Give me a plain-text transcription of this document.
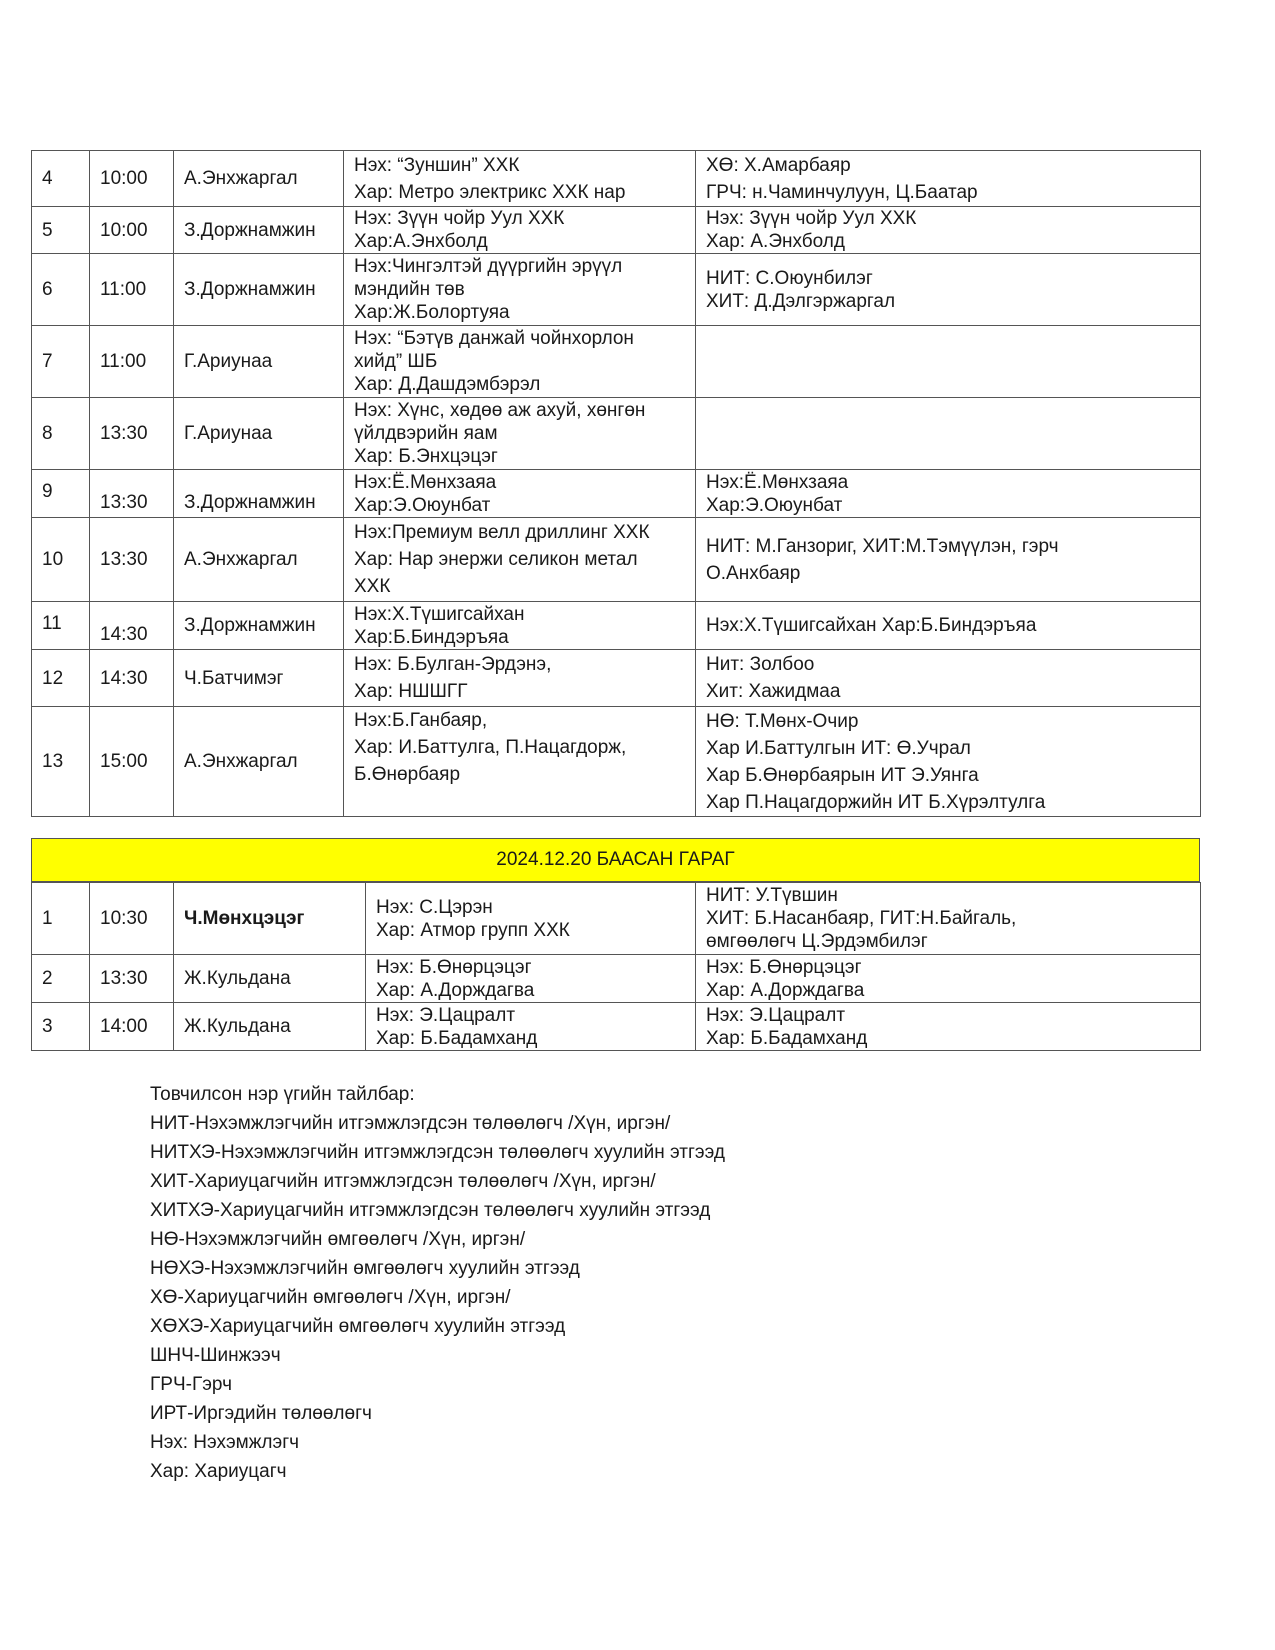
4	10:00	А.Энхжаргал	Нэх: “Зуншин” ХХК
Хар: Метро электрикс ХХК нар	ХӨ: Х.Амарбаяр
ГРЧ: н.Чаминчулуун, Ц.Баатар

5	10:00	З.Доржнамжин	Нэх: Зүүн чойр Уул ХХК
Хар:А.Энхболд	Нэх: Зүүн чойр Уул ХХК
Хар: А.Энхболд

6	11:00	З.Доржнамжин	Нэх:Чингэлтэй дүүргийн эрүүл
мэндийн төв
Хар:Ж.Болортуяа	НИТ: С.Оюунбилэг
ХИТ: Д.Дэлгэржаргал

7	11:00	Г.Ариунаа	Нэх: “Бэтүв данжай чойнхорлон
хийд” ШБ
Хар: Д.Дашдэмбэрэл	

8	13:30	Г.Ариунаа	Нэх: Хүнс, хөдөө аж ахуй, хөнгөн
үйлдвэрийн яам
Хар: Б.Энхцэцэг	

9	13:30	З.Доржнамжин	Нэх:Ё.Мөнхзаяа
Хар:Э.Оюунбат	Нэх:Ё.Мөнхзаяа
Хар:Э.Оюунбат

10	13:30	А.Энхжаргал	Нэх:Премиум велл дриллинг ХХК
Хар: Нар энержи селикон метал
ХХК	НИТ: М.Ганзориг, ХИТ:М.Тэмүүлэн, гэрч
О.Анхбаяр

11	14:30	З.Доржнамжин	Нэх:Х.Түшигсайхан
Хар:Б.Биндэръяа	Нэх:Х.Түшигсайхан Хар:Б.Биндэръяа

12	14:30	Ч.Батчимэг	Нэх: Б.Булган-Эрдэнэ,
Хар: НШШГГ	Нит: Золбоо
Хит: Хажидмаа

13	15:00	А.Энхжаргал	Нэх:Б.Ганбаяр,
Хар: И.Баттулга, П.Нацагдорж,
Б.Өнөрбаяр	НӨ: Т.Мөнх-Очир
Хар И.Баттулгын ИТ: Ө.Учрал
Хар Б.Өнөрбаярын ИТ Э.Уянга
Хар П.Нацагдоржийн ИТ Б.Хүрэлтулга
2024.12.20 БААСАН ГАРАГ
1	10:30	Ч.Мөнхцэцэг	Нэх: С.Цэрэн
Хар: Атмор групп ХХК	НИТ: У.Түвшин
ХИТ: Б.Насанбаяр, ГИТ:Н.Байгаль,
өмгөөлөгч Ц.Эрдэмбилэг

2	13:30	Ж.Кульдана	Нэх: Б.Өнөрцэцэг
Хар: А.Дорждагва	Нэх: Б.Өнөрцэцэг
Хар: А.Дорждагва

3	14:00	Ж.Кульдана	Нэх: Э.Цацралт
Хар: Б.Бадамханд	Нэх: Э.Цацралт
Хар: Б.Бадамханд
Товчилсон нэр үгийн тайлбар:
НИТ-Нэхэмжлэгчийн итгэмжлэгдсэн төлөөлөгч /Хүн, иргэн/
НИТХЭ-Нэхэмжлэгчийн итгэмжлэгдсэн төлөөлөгч хуулийн этгээд
ХИТ-Хариуцагчийн итгэмжлэгдсэн төлөөлөгч /Хүн, иргэн/
ХИТХЭ-Хариуцагчийн итгэмжлэгдсэн төлөөлөгч хуулийн этгээд
НӨ-Нэхэмжлэгчийн өмгөөлөгч /Хүн, иргэн/
НӨХЭ-Нэхэмжлэгчийн өмгөөлөгч хуулийн этгээд
ХӨ-Хариуцагчийн өмгөөлөгч /Хүн, иргэн/
ХӨХЭ-Хариуцагчийн өмгөөлөгч хуулийн этгээд
ШНЧ-Шинжээч
ГРЧ-Гэрч
ИРТ-Иргэдийн төлөөлөгч
Нэх: Нэхэмжлэгч
Хар: Хариуцагч
